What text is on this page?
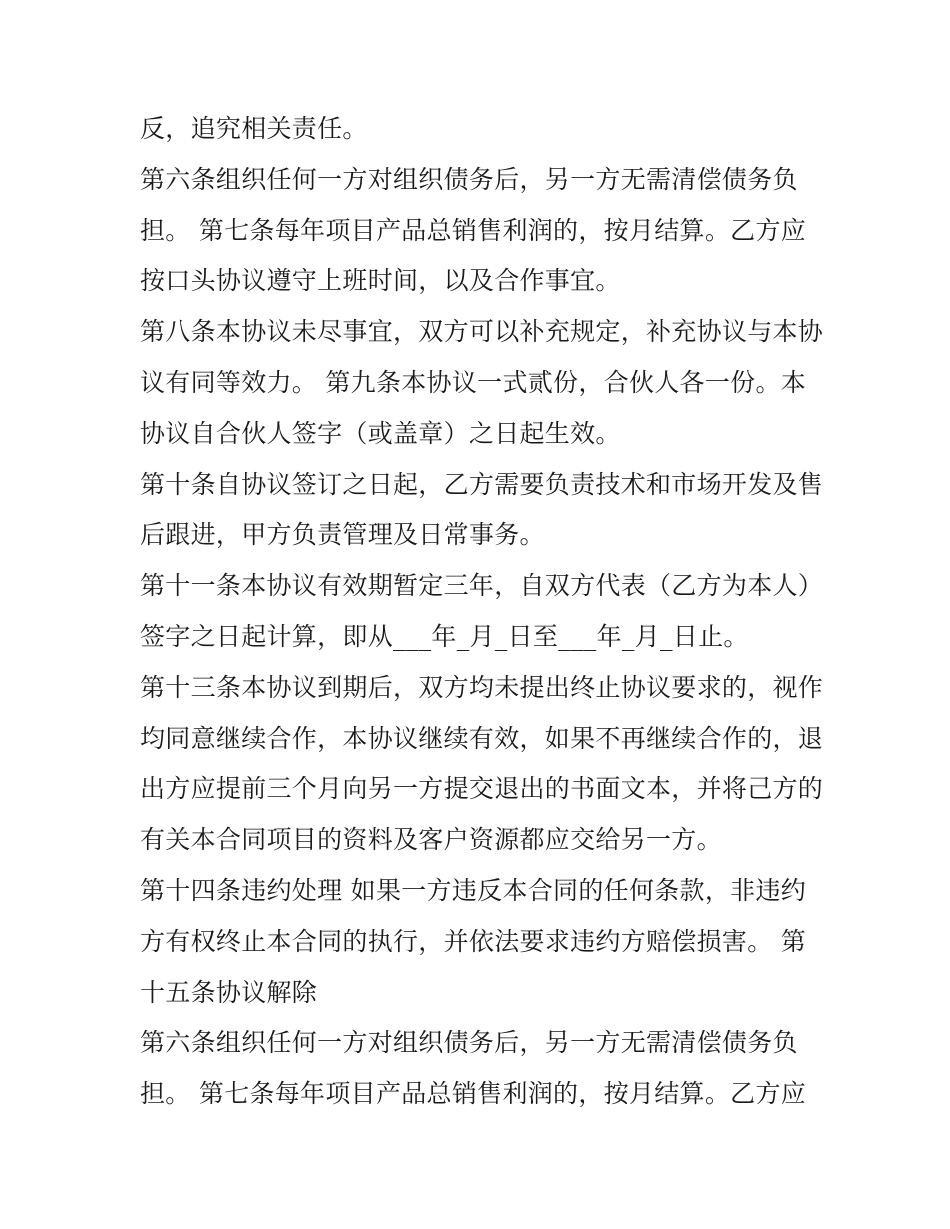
反，追究相关责任。
第六条组织任何一方对组织债务后，另一方无需清偿债务负
担。 第七条每年项目产品总销售利润的，按月结算。乙方应
按口头协议遵守上班时间，以及合作事宜。
第八条本协议未尽事宜，双方可以补充规定，补充协议与本协
议有同等效力。 第九条本协议一式贰份，合伙人各一份。本
协议自合伙人签字（或盖章）之日起生效。
第十条自协议签订之日起，乙方需要负责技术和市场开发及售
后跟进，甲方负责管理及日常事务。
第十一条本协议有效期暂定三年，自双方代表（乙方为本人）
签字之日起计算，即从___年_月_日至___年_月_日止。
第十三条本协议到期后，双方均未提出终止协议要求的，视作
均同意继续合作，本协议继续有效，如果不再继续合作的，退
出方应提前三个月向另一方提交退出的书面文本，并将己方的
有关本合同项目的资料及客户资源都应交给另一方。
第十四条违约处理 如果一方违反本合同的任何条款，非违约
方有权终止本合同的执行，并依法要求违约方赔偿损害。 第
十五条协议解除
第六条组织任何一方对组织债务后，另一方无需清偿债务负
担。 第七条每年项目产品总销售利润的，按月结算。乙方应
